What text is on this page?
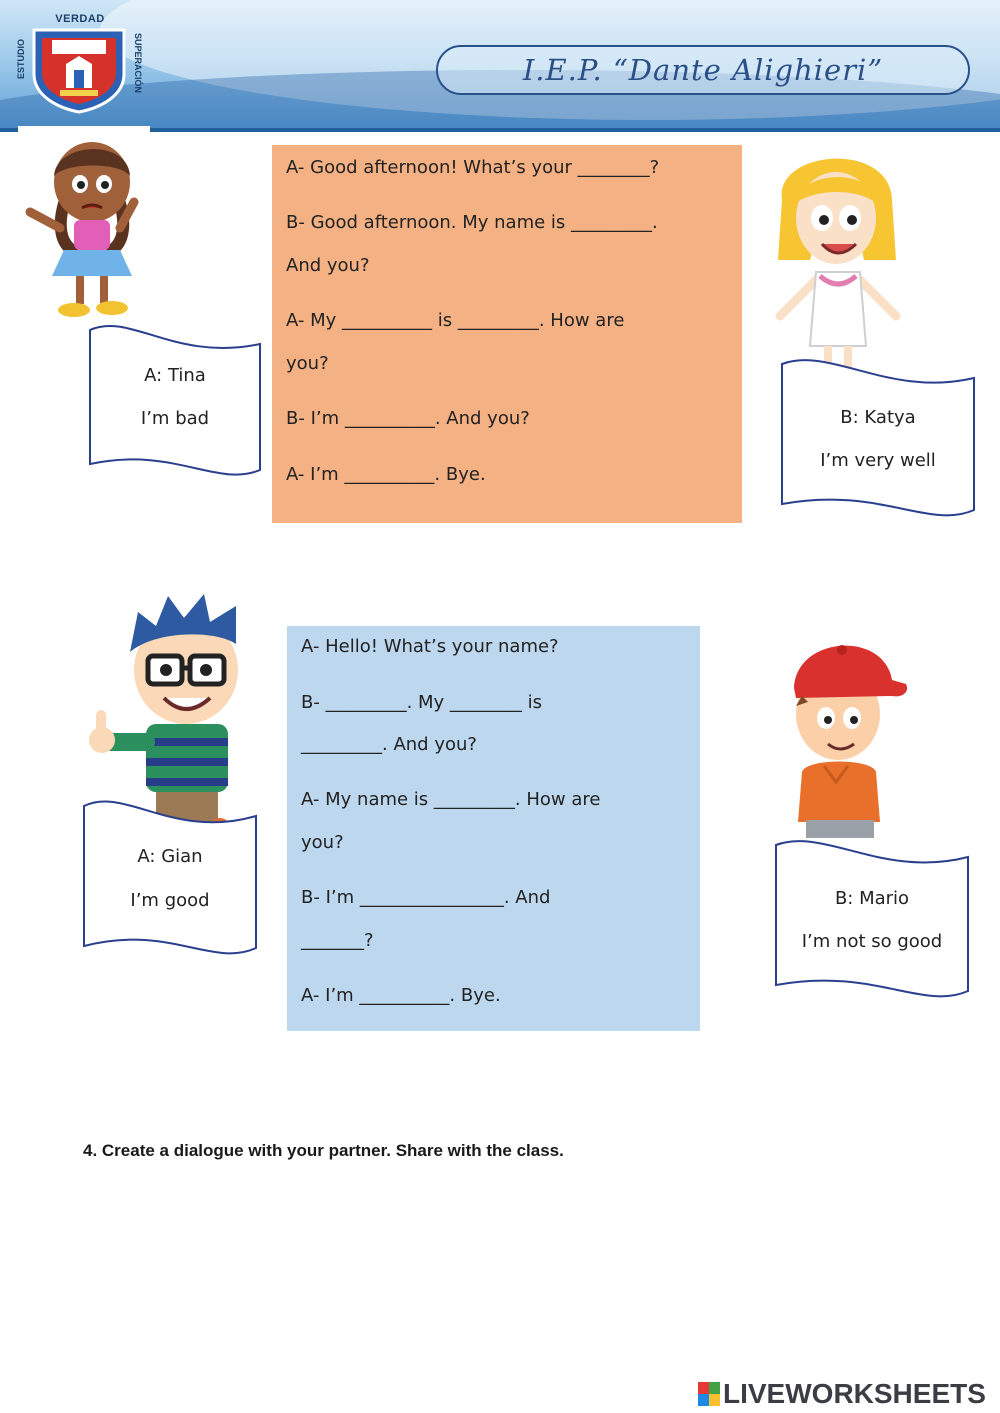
VERDAD
ESTUDIO	SUPERACIÓN	I.E.P. “Dante Alighieri”
A: Tina
I’m bad
A- Good afternoon! What’s your ________?
B- Good afternoon. My name is _________.
And you?
A- My __________ is _________. How are
you?
B- I’m __________. And you?
A- I’m __________. Bye.
B: Katya
I’m very well
A: Gian
I’m good
A- Hello! What’s your name?
B- _________. My ________ is
_________. And you?
A- My name is _________. How are
you?
B- I’m ________________. And
_______?
A- I’m __________. Bye.
B: Mario
I’m not so good
4. Create a dialogue with your partner. Share with the class.
LIVEWORKSHEETS
